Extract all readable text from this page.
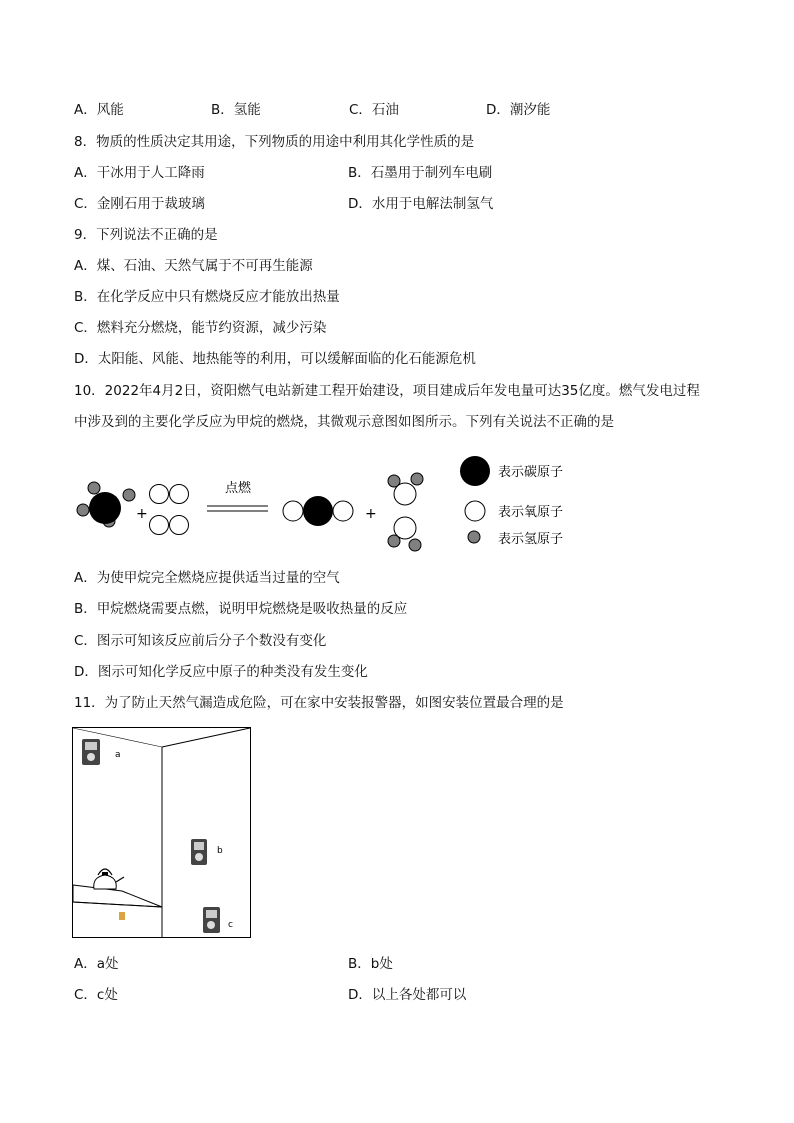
A．风能	B．氢能	C．石油	D．潮汐能
8．物质的性质决定其用途，下列物质的用途中利用其化学性质的是
A．干冰用于人工降雨	B．石墨用于制列车电刷
C．金刚石用于裁玻璃	D．水用于电解法制氢气
9．下列说法不正确的是
A．煤、石油、天然气属于不可再生能源
B．在化学反应中只有燃烧反应才能放出热量
C．燃料充分燃烧，能节约资源，减少污染
D．太阳能、风能、地热能等的利用，可以缓解面临的化石能源危机
10．2022年4月2日，资阳燃气电站新建工程开始建设，项目建成后年发电量可达35亿度。燃气发电过程
中涉及到的主要化学反应为甲烷的燃烧，其微观示意图如图所示。下列有关说法不正确的是
+
点燃
+
表示碳原子
表示氧原子
表示氢原子
A．为使甲烷完全燃烧应提供适当过量的空气
B．甲烷燃烧需要点燃，说明甲烷燃烧是吸收热量的反应
C．图示可知该反应前后分子个数没有变化
D．图示可知化学反应中原子的种类没有发生变化
11．为了防止天然气漏造成危险，可在家中安装报警器，如图安装位置最合理的是
a
b
c
A．a处	B．b处
C．c处	D．以上各处都可以
